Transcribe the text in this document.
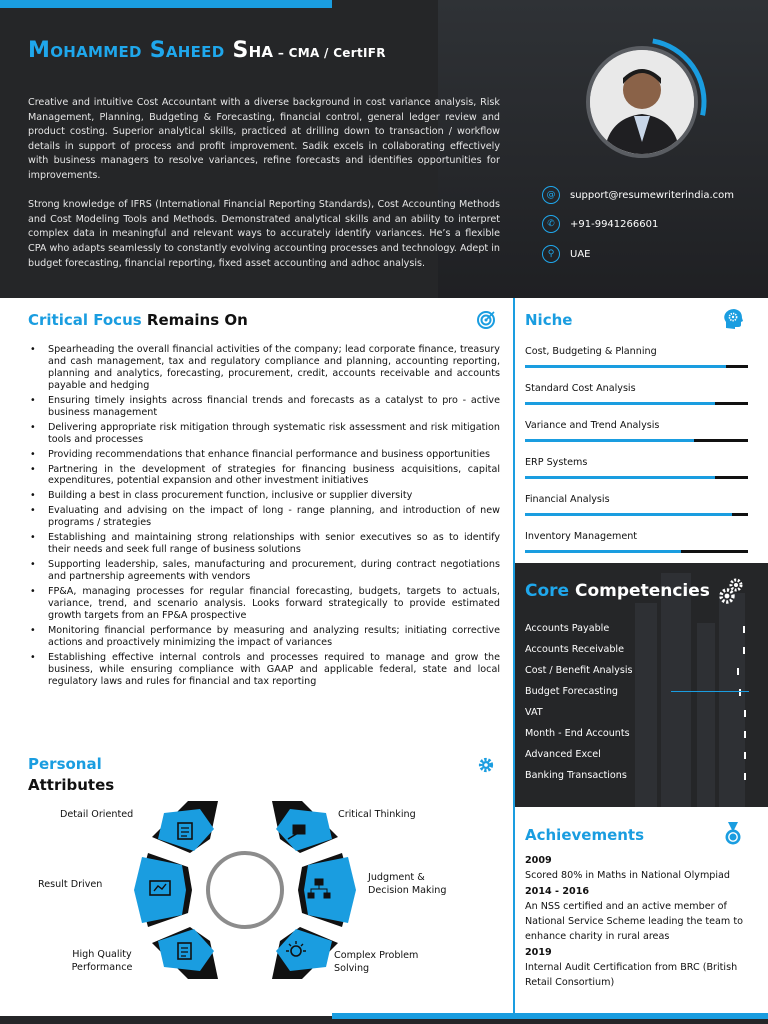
Mohammed Saheed Sha – CMA / CertIFR

Creative and intuitive Cost Accountant with a diverse background in cost variance analysis, Risk Management, Planning, Budgeting & Forecasting, financial control, general ledger review and product costing. Superior analytical skills, practiced at drilling down to transaction / workflow details in support of process and profit improvement. Sadik excels in collaborating effectively with business managers to resolve variances, refine forecasts and identifies opportunities for improvements.

Strong knowledge of IFRS (International Financial Reporting Standards), Cost Accounting Methods and Cost Modeling Tools and Methods. Demonstrated analytical skills and an ability to interpret complex data in meaningful and relevant ways to accurately identify variances. He’s a flexible CPA who adapts seamlessly to constantly evolving accounting processes and technology. Adept in budget forecasting, financial reporting, fixed asset accounting and adhoc analysis.

@	support@resumewriterindia.com
✆	+91-9941266601
⚲	UAE
Critical Focus Remains On
• Spearheading the overall financial activities of the company; lead corporate finance, treasury and cash management, tax and regulatory compliance and planning, accounting reporting, planning and analytics, forecasting, procurement, credit, accounts receivable and accounts payable and hedging
• Ensuring timely insights across financial trends and forecasts as a catalyst to pro - active business management
• Delivering appropriate risk mitigation through systematic risk assessment and risk mitigation tools and processes
• Providing recommendations that enhance financial performance and business opportunities
• Partnering in the development of strategies for financing business acquisitions, capital expenditures, potential expansion and other investment initiatives
• Building a best in class procurement function, inclusive or supplier diversity
• Evaluating and advising on the impact of long - range planning, and introduction of new programs / strategies
• Establishing and maintaining strong relationships with senior executives so as to identify their needs and seek full range of business solutions
• Supporting leadership, sales, manufacturing and procurement, during contract negotiations and partnership agreements with vendors
• FP&A, managing processes for regular financial forecasting, budgets, targets to actuals, variance, trend, and scenario analysis. Looks forward strategically to provide estimated growth targets from an FP&A prospective
• Monitoring financial performance by measuring and analyzing results; initiating corrective actions and proactively minimizing the impact of variances
• Establishing effective internal controls and processes required to manage and grow the business, while ensuring compliance with GAAP and applicable federal, state and local regulatory laws and rules for financial and tax reporting
Personal
Attributes
Detail Oriented
Result Driven
High Quality Performance
Critical Thinking
Judgment & Decision Making
Complex Problem Solving
Niche
Cost, Budgeting & Planning
Standard Cost Analysis
Variance and Trend Analysis
ERP Systems
Financial Analysis
Inventory Management
Core Competencies
Accounts Payable
Accounts Receivable
Cost / Benefit Analysis
Budget Forecasting
VAT
Month - End Accounts
Advanced Excel
Banking Transactions
Achievements
2009
Scored 80% in Maths in National Olympiad
2014 - 2016
An NSS certified and an active member of National Service Scheme leading the team to enhance charity in rural areas
2019
Internal Audit Certification from BRC (British Retail Consortium)
